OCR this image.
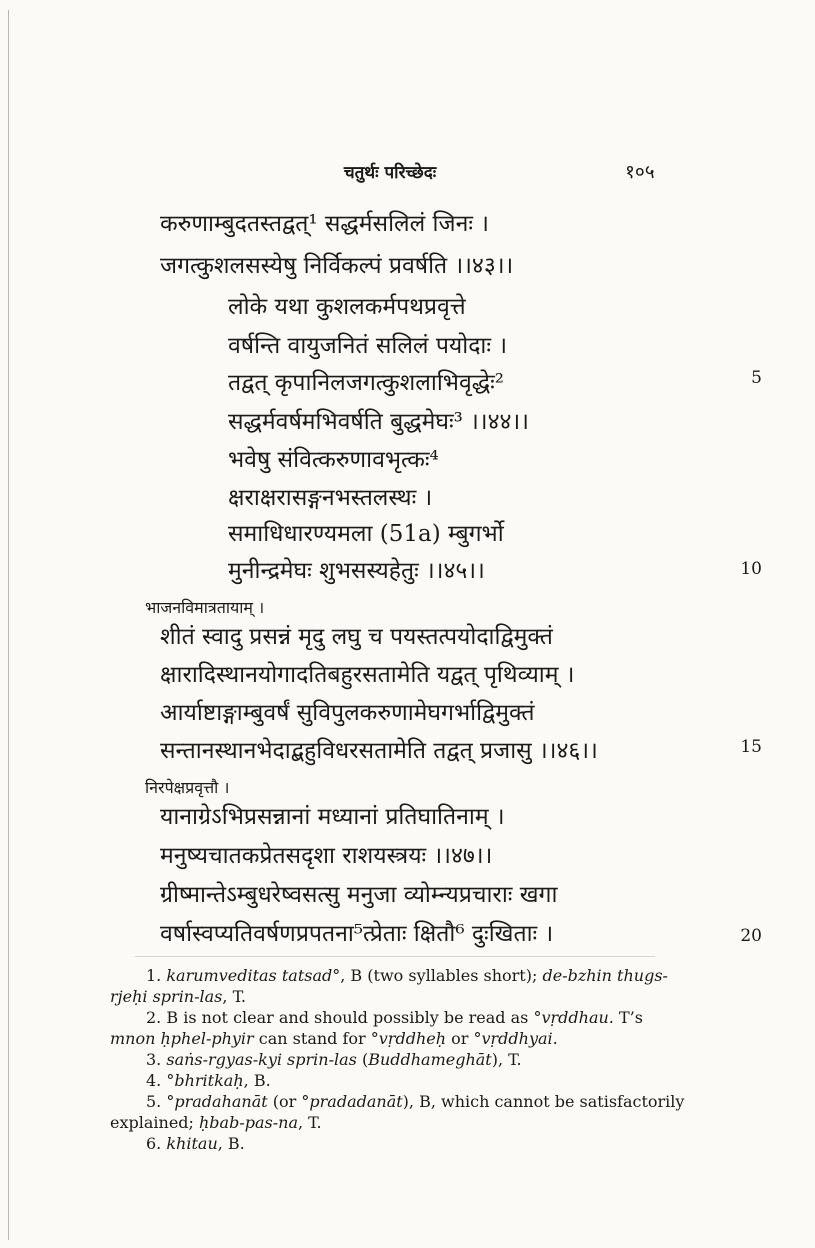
चतुर्थः परिच्छेदः	१०५
करुणाम्बुदतस्तद्वत्¹ सद्धर्मसलिलं जिनः ।
जगत्कुशलसस्येषु निर्विकल्पं प्रवर्षति ।।४३।।
लोके यथा कुशलकर्मपथप्रवृत्ते
वर्षन्ति वायुजनितं सलिलं पयोदाः ।
तद्वत् कृपानिलजगत्कुशलाभिवृद्धेः²
सद्धर्मवर्षमभिवर्षति बुद्धमेघः³ ।।४४।।
भवेषु संवित्करुणावभृत्कः⁴
क्षराक्षरासङ्गनभस्तलस्थः ।
समाधिधारण्यमला (51a) म्बुगर्भो
मुनीन्द्रमेघः शुभसस्यहेतुः ।।४५।।
भाजनविमात्रतायाम् ।
शीतं स्वादु प्रसन्नं मृदु लघु च पयस्तत्पयोदाद्विमुक्तं
क्षारादिस्थानयोगादतिबहुरसतामेति यद्वत् पृथिव्याम् ।
आर्याष्टाङ्गाम्बुवर्षं सुविपुलकरुणामेघगर्भाद्विमुक्तं
सन्तानस्थानभेदाद्बहुविधरसतामेति तद्वत् प्रजासु ।।४६।।
निरपेक्षप्रवृत्तौ ।
यानाग्रेऽभिप्रसन्नानां मध्यानां प्रतिघातिनाम् ।
मनुष्यचातकप्रेतसदृशा राशयस्त्रयः ।।४७।।
ग्रीष्मान्तेऽम्बुधरेष्वसत्सु मनुजा व्योम्न्यप्रचाराः खगा
वर्षास्वप्यतिवर्षणप्रपतना⁵त्प्रेताः क्षितौ⁶ दुःखिताः ।
5
10
15
20

1. karumveditas tatsad°, B (two syllables short); de-bzhin thugs-rjeḥi sprin-las, T.

2. B is not clear and should possibly be read as °vṛddhau. T’s mnon ḥphel-phyir can stand for °vṛddheḥ or °vṛddhyai.

3. saṅs-rgyas-kyi sprin-las (Buddhameghāt), T.

4. °bhritkaḥ, B.

5. °pradahanāt (or °pradadanāt), B, which cannot be satisfactorily explained; ḥbab-pas-na, T.

6. khitau, B.
